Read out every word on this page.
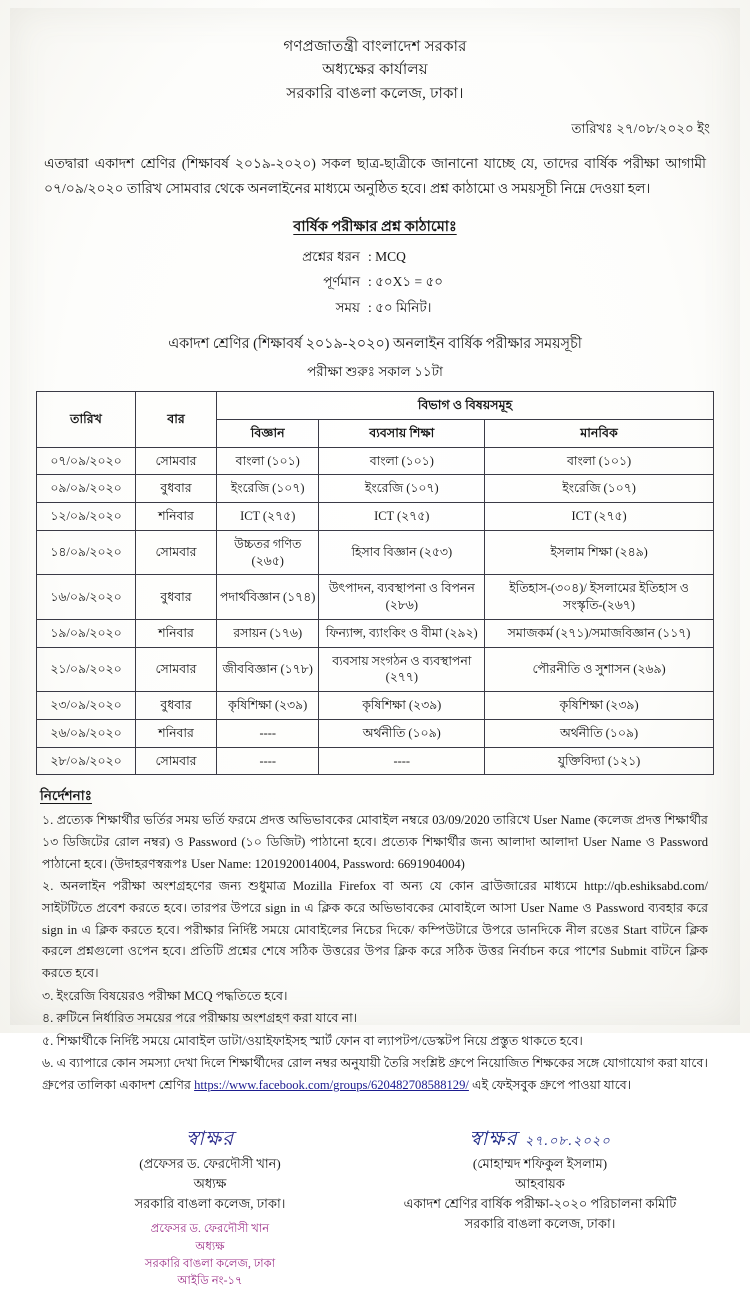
গণপ্রজাতন্ত্রী বাংলাদেশ সরকার
অধ্যক্ষের কার্যালয়
সরকারি বাঙলা কলেজ, ঢাকা।
তারিখঃ ২৭/০৮/২০২০ ইং
এতদ্বারা একাদশ শ্রেণির (শিক্ষাবর্ষ ২০১৯-২০২০) সকল ছাত্র-ছাত্রীকে জানানো যাচ্ছে যে, তাদের বার্ষিক পরীক্ষা আগামী ০৭/০৯/২০২০ তারিখ সোমবার থেকে অনলাইনের মাধ্যমে অনুষ্ঠিত হবে। প্রশ্ন কাঠামো ও সময়সূচী নিম্নে দেওয়া হল।
বার্ষিক পরীক্ষার প্রশ্ন কাঠামোঃ
প্রশ্নের ধরন : MCQ
পূর্ণমান : ৫০X১ = ৫০
সময় : ৫০ মিনিট।
একাদশ শ্রেণির (শিক্ষাবর্ষ ২০১৯-২০২০) অনলাইন বার্ষিক পরীক্ষার সময়সূচী
পরীক্ষা শুরুঃ সকাল ১১টা
তারিখ	বার	বিভাগ ও বিষয়সমূহ		
		বিজ্ঞান	ব্যবসায় শিক্ষা	মানবিক
০৭/০৯/২০২০	সোমবার	বাংলা (১০১)	বাংলা (১০১)	বাংলা (১০১)
০৯/০৯/২০২০	বুধবার	ইংরেজি (১০৭)	ইংরেজি (১০৭)	ইংরেজি (১০৭)
১২/০৯/২০২০	শনিবার	ICT (২৭৫)	ICT (২৭৫)	ICT (২৭৫)
১৪/০৯/২০২০	সোমবার	উচ্চতর গণিত (২৬৫)	হিসাব বিজ্ঞান (২৫৩)	ইসলাম শিক্ষা (২৪৯)
১৬/০৯/২০২০	বুধবার	পদার্থবিজ্ঞান (১৭৪)	উৎপাদন, ব্যবস্থাপনা ও বিপনন (২৮৬)	ইতিহাস-(৩০৪)/ ইসলামের ইতিহাস ও সংস্কৃতি-(২৬৭)
১৯/০৯/২০২০	শনিবার	রসায়ন (১৭৬)	ফিন্যান্স, ব্যাংকিং ও বীমা (২৯২)	সমাজকর্ম (২৭১)/সমাজবিজ্ঞান (১১৭)
২১/০৯/২০২০	সোমবার	জীববিজ্ঞান (১৭৮)	ব্যবসায় সংগঠন ও ব্যবস্থাপনা (২৭৭)	পৌরনীতি ও সুশাসন (২৬৯)
২৩/০৯/২০২০	বুধবার	কৃষিশিক্ষা (২৩৯)	কৃষিশিক্ষা (২৩৯)	কৃষিশিক্ষা (২৩৯)
২৬/০৯/২০২০	শনিবার	----	অর্থনীতি (১০৯)	অর্থনীতি (১০৯)
২৮/০৯/২০২০	সোমবার	----	----	যুক্তিবিদ্যা (১২১)
নির্দেশনাঃ
১. প্রত্যেক শিক্ষার্থীর ভর্তির সময় ভর্তি ফরমে প্রদত্ত অভিভাবকের মোবাইল নম্বরে 03/09/2020 তারিখে User Name (কলেজ প্রদত্ত শিক্ষার্থীর ১৩ ডিজিটের রোল নম্বর) ও Password (১০ ডিজিট) পাঠানো হবে। প্রত্যেক শিক্ষার্থীর জন্য আলাদা আলাদা User Name ও Password পাঠানো হবে। (উদাহরণস্বরূপঃ User Name: 1201920014004, Password: 6691904004)
২. অনলাইন পরীক্ষা অংশগ্রহণের জন্য শুধুমাত্র Mozilla Firefox বা অন্য যে কোন ব্রাউজারের মাধ্যমে http://qb.eshiksabd.com/ সাইটটিতে প্রবেশ করতে হবে। তারপর উপরে sign in এ ক্লিক করে অভিভাবকের মোবাইলে আসা User Name ও Password ব্যবহার করে sign in এ ক্লিক করতে হবে। পরীক্ষার নির্দিষ্ট সময়ে মোবাইলের নিচের দিকে/ কম্পিউটারে উপরে ডানদিকে নীল রঙের Start বাটনে ক্লিক করলে প্রশ্নগুলো ওপেন হবে। প্রতিটি প্রশ্নের শেষে সঠিক উত্তরের উপর ক্লিক করে সঠিক উত্তর নির্বাচন করে পাশের Submit বাটনে ক্লিক করতে হবে।
৩. ইংরেজি বিষয়েরও পরীক্ষা MCQ পদ্ধতিতে হবে।
৪. রুটিনে নির্ধারিত সময়ের পরে পরীক্ষায় অংশগ্রহণ করা যাবে না।
৫. শিক্ষার্থীকে নির্দিষ্ট সময়ে মোবাইল ডাটা/ওয়াইফাইসহ স্মার্ট ফোন বা ল্যাপটপ/ডেস্কটপ নিয়ে প্রস্তুত থাকতে হবে।
৬. এ ব্যাপারে কোন সমস্যা দেখা দিলে শিক্ষার্থীদের রোল নম্বর অনুযায়ী তৈরি সংশ্লিষ্ট গ্রুপে নিয়োজিত শিক্ষকের সঙ্গে যোগাযোগ করা যাবে। গ্রুপের তালিকা একাদশ শ্রেণির https://www.facebook.com/groups/620482708588129/ এই ফেইসবুক গ্রুপে পাওয়া যাবে।
স্বাক্ষর
(প্রফেসর ড. ফেরদৌসী খান)
অধ্যক্ষ
সরকারি বাঙলা কলেজ, ঢাকা।
প্রফেসর ড. ফেরদৌসী খান
অধ্যক্ষ
সরকারি বাঙলা কলেজ, ঢাকা
আইডি নং-১৭
স্বাক্ষর ২৭.০৮.২০২০
(মোহাম্মদ শফিকুল ইসলাম)
আহবায়ক
একাদশ শ্রেণির বার্ষিক পরীক্ষা-২০২০ পরিচালনা কমিটি
সরকারি বাঙলা কলেজ, ঢাকা।
